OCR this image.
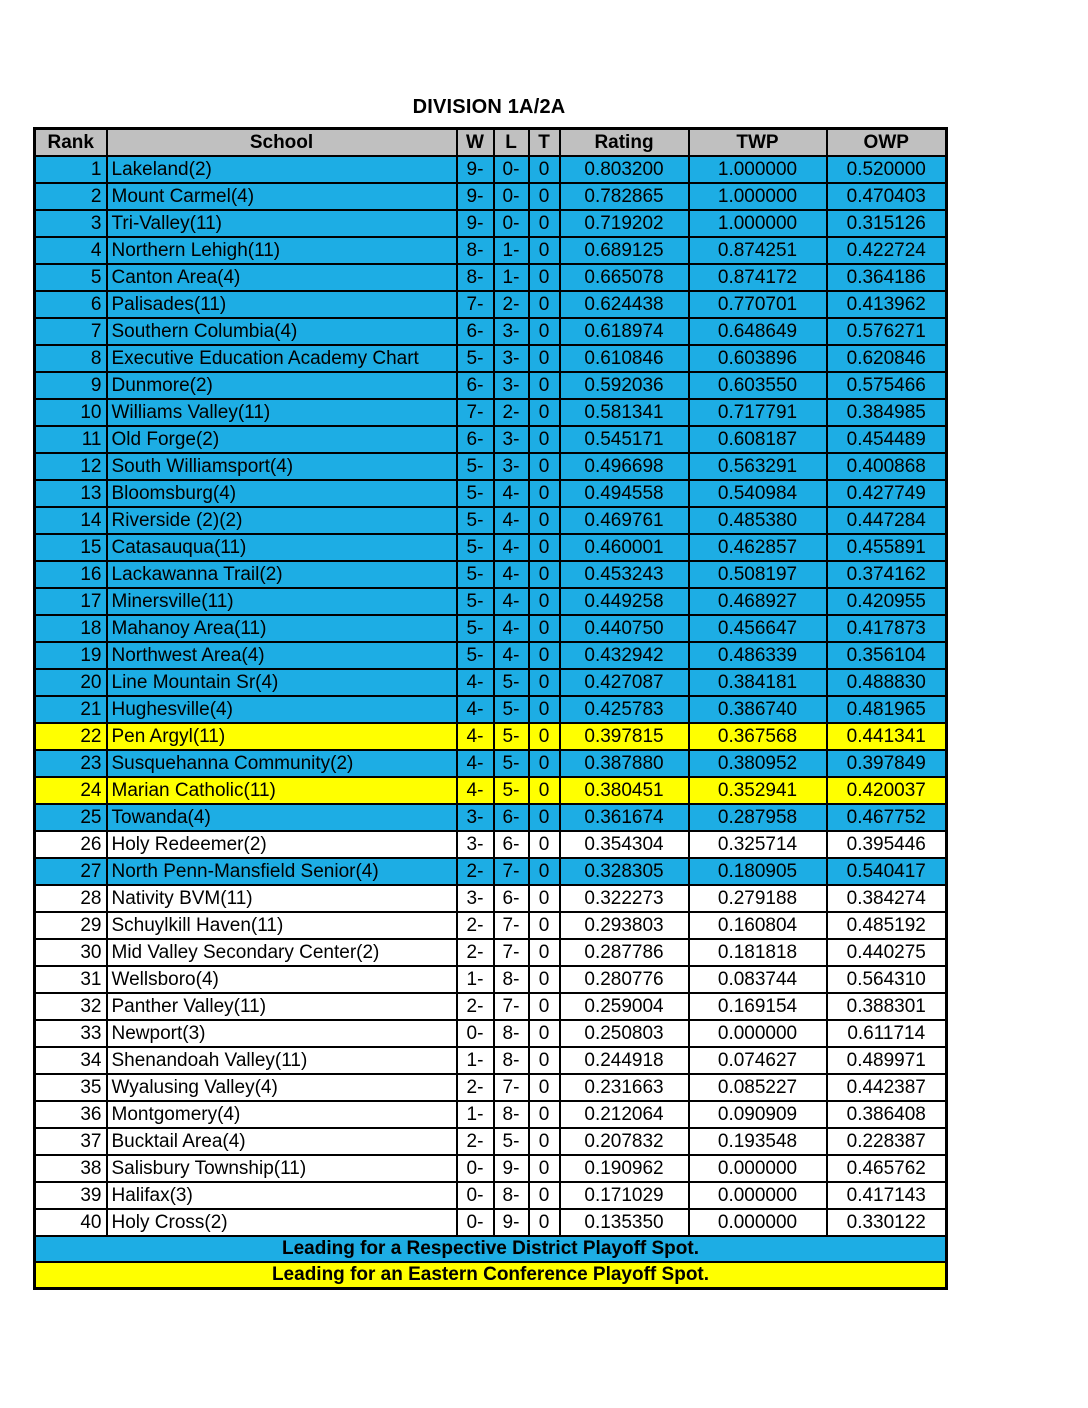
DIVISION 1A/2A
Rank	School	W	L	T	Rating	TWP	OWP
1	Lakeland(2)	9-	0-	0	0.803200	1.000000	0.520000
2	Mount Carmel(4)	9-	0-	0	0.782865	1.000000	0.470403
3	Tri-Valley(11)	9-	0-	0	0.719202	1.000000	0.315126
4	Northern Lehigh(11)	8-	1-	0	0.689125	0.874251	0.422724
5	Canton Area(4)	8-	1-	0	0.665078	0.874172	0.364186
6	Palisades(11)	7-	2-	0	0.624438	0.770701	0.413962
7	Southern Columbia(4)	6-	3-	0	0.618974	0.648649	0.576271
8	Executive Education Academy Chart	5-	3-	0	0.610846	0.603896	0.620846
9	Dunmore(2)	6-	3-	0	0.592036	0.603550	0.575466
10	Williams Valley(11)	7-	2-	0	0.581341	0.717791	0.384985
11	Old Forge(2)	6-	3-	0	0.545171	0.608187	0.454489
12	South Williamsport(4)	5-	3-	0	0.496698	0.563291	0.400868
13	Bloomsburg(4)	5-	4-	0	0.494558	0.540984	0.427749
14	Riverside (2)(2)	5-	4-	0	0.469761	0.485380	0.447284
15	Catasauqua(11)	5-	4-	0	0.460001	0.462857	0.455891
16	Lackawanna Trail(2)	5-	4-	0	0.453243	0.508197	0.374162
17	Minersville(11)	5-	4-	0	0.449258	0.468927	0.420955
18	Mahanoy Area(11)	5-	4-	0	0.440750	0.456647	0.417873
19	Northwest Area(4)	5-	4-	0	0.432942	0.486339	0.356104
20	Line Mountain Sr(4)	4-	5-	0	0.427087	0.384181	0.488830
21	Hughesville(4)	4-	5-	0	0.425783	0.386740	0.481965
22	Pen Argyl(11)	4-	5-	0	0.397815	0.367568	0.441341
23	Susquehanna Community(2)	4-	5-	0	0.387880	0.380952	0.397849
24	Marian Catholic(11)	4-	5-	0	0.380451	0.352941	0.420037
25	Towanda(4)	3-	6-	0	0.361674	0.287958	0.467752
26	Holy Redeemer(2)	3-	6-	0	0.354304	0.325714	0.395446
27	North Penn-Mansfield Senior(4)	2-	7-	0	0.328305	0.180905	0.540417
28	Nativity BVM(11)	3-	6-	0	0.322273	0.279188	0.384274
29	Schuylkill Haven(11)	2-	7-	0	0.293803	0.160804	0.485192
30	Mid Valley Secondary Center(2)	2-	7-	0	0.287786	0.181818	0.440275
31	Wellsboro(4)	1-	8-	0	0.280776	0.083744	0.564310
32	Panther Valley(11)	2-	7-	0	0.259004	0.169154	0.388301
33	Newport(3)	0-	8-	0	0.250803	0.000000	0.611714
34	Shenandoah Valley(11)	1-	8-	0	0.244918	0.074627	0.489971
35	Wyalusing Valley(4)	2-	7-	0	0.231663	0.085227	0.442387
36	Montgomery(4)	1-	8-	0	0.212064	0.090909	0.386408
37	Bucktail Area(4)	2-	5-	0	0.207832	0.193548	0.228387
38	Salisbury Township(11)	0-	9-	0	0.190962	0.000000	0.465762
39	Halifax(3)	0-	8-	0	0.171029	0.000000	0.417143
40	Holy Cross(2)	0-	9-	0	0.135350	0.000000	0.330122
Leading for a Respective District Playoff Spot.							
Leading for an Eastern Conference Playoff Spot.							
